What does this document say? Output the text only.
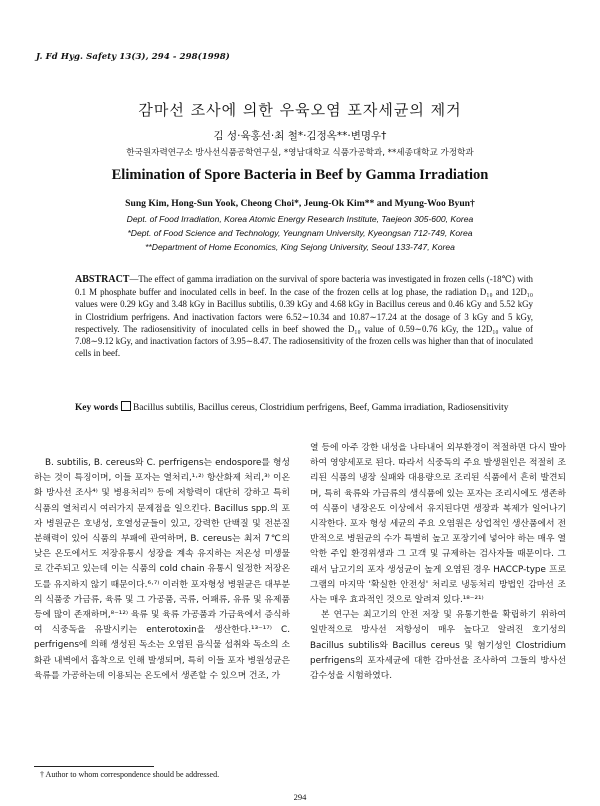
J. Fd Hyg. Safety 13(3), 294 - 298(1998)
감마선 조사에 의한 우육오염 포자세균의 제거
김 성·육홍선·최 철*·김정옥**·변명우†
한국원자력연구소 방사선식품공학연구실, *영남대학교 식품가공학과, **세종대학교 가정학과
Elimination of Spore Bacteria in Beef by Gamma Irradiation
Sung Kim, Hong-Sun Yook, Cheong Choi*, Jeung-Ok Kim** and Myung-Woo Byun†
Dept. of Food Irradiation, Korea Atomic Energy Research Institute, Taejeon 305-600, Korea
*Dept. of Food Science and Technology, Yeungnam University, Kyeongsan 712-749, Korea
**Department of Home Economics, King Sejong University, Seoul 133-747, Korea
ABSTRACT—The effect of gamma irradiation on the survival of spore bacteria was investigated in frozen cells (-18℃) with 0.1 M phosphate buffer and inoculated cells in beef. In the case of the frozen cells at log phase, the radiation D₁₀ and 12D₁₀ values were 0.29 kGy and 3.48 kGy in Bacillus subtilis, 0.39 kGy and 4.68 kGy in Bacillus cereus and 0.46 kGy and 5.52 kGy in Clostridium perfrigens. And inactivation factors were 6.52∼10.34 and 10.87∼17.24 at the dosage of 3 kGy and 5 kGy, respectively. The radiosensitivity of inoculated cells in beef showed the D₁₀ value of 0.59∼0.76 kGy, the 12D₁₀ value of 7.08∼9.12 kGy, and inactivation factors of 3.95∼8.47. The radiosensitivity of the frozen cells was higher than that of inoculated cells in beef.
Key words Bacillus subtilis, Bacillus cereus, Clostridium perfrigens, Beef, Gamma irradiation, Radiosensitivity

B. subtilis, B. cereus와 C. perfrigens는 endospore를 형성하는 것이 특징이며, 이들 포자는 열처리,¹·²⁾ 항산화제 처리,³⁾ 이온화 방사선 조사⁴⁾ 및 병용처리⁵⁾ 등에 저항력이 대단히 강하고 특히 식품의 열처리시 여러가지 문제점을 일으킨다. Bacillus spp.의 포자 병원균은 호냉성, 호열성균들이 있고, 강력한 단백질 및 전분질 분해력이 있어 식품의 부패에 관여하며, B. cereus는 최저 7℃의 낮은 온도에서도 저장유통시 성장을 계속 유지하는 저온성 미생물로 간주되고 있는데 이는 식품의 cold chain 유통시 일정한 저장온도를 유지하지 않기 때문이다.⁶·⁷⁾ 이러한 포자형성 병원균은 대부분의 식품중 가금류, 육류 및 그 가공품, 곡류, 어패류, 유류 및 유제품 등에 많이 존재하며,⁸⁻¹²⁾ 육류 및 육류 가공품과 가금육에서 증식하여 식중독을 유발시키는 enterotoxin을 생산한다.¹³⁻¹⁷⁾ C. perfrigens에 의해 생성된 독소는 오염된 음식물 섭취와 독소의 소화관 내벽에서 흡착으로 인해 발생되며, 특히 이들 포자 병원성균은 육류를 가공하는데 이용되는 온도에서 생존할 수 있으며 건조, 가

열 등에 아주 강한 내성을 나타내어 외부환경이 적절하면 다시 발아하여 영양세포로 된다. 따라서 식중독의 주요 발생원인은 적절히 조리된 식품의 냉장 실패와 대용량으로 조리된 식품에서 흔히 발견되며, 특히 육류와 가금류의 생식품에 있는 포자는 조리시에도 생존하여 식품이 냉장온도 이상에서 유지된다면 생장과 복제가 일어나기 시작한다. 포자 형성 세균의 주요 오염원은 상업적인 생산품에서 전반적으로 병원균의 수가 특별히 높고 포장기에 넣어야 하는 매우 열악한 주입 환경위생과 그 고객 및 규제하는 검사자들 때문이다. 그래서 남고기의 포자 생성균이 높게 오염된 경우 HACCP-type 프로그램의 마지막 '확실한 안전성' 처리로 냉동처리 방법인 감마선 조사는 매우 효과적인 것으로 알려져 있다.¹⁸⁻²¹⁾

본 연구는 최고기의 안전 저장 및 유통기한을 확립하기 위하여 일반적으로 방사선 저항성이 매우 높다고 알려진 호기성의 Bacillus subtilis와 Bacillus cereus 및 혐기성인 Clostridium perfrigens의 포자세균에 대한 감마선을 조사하여 그들의 방사선 감수성을 시험하였다.

† Author to whom correspondence should be addressed.
294
